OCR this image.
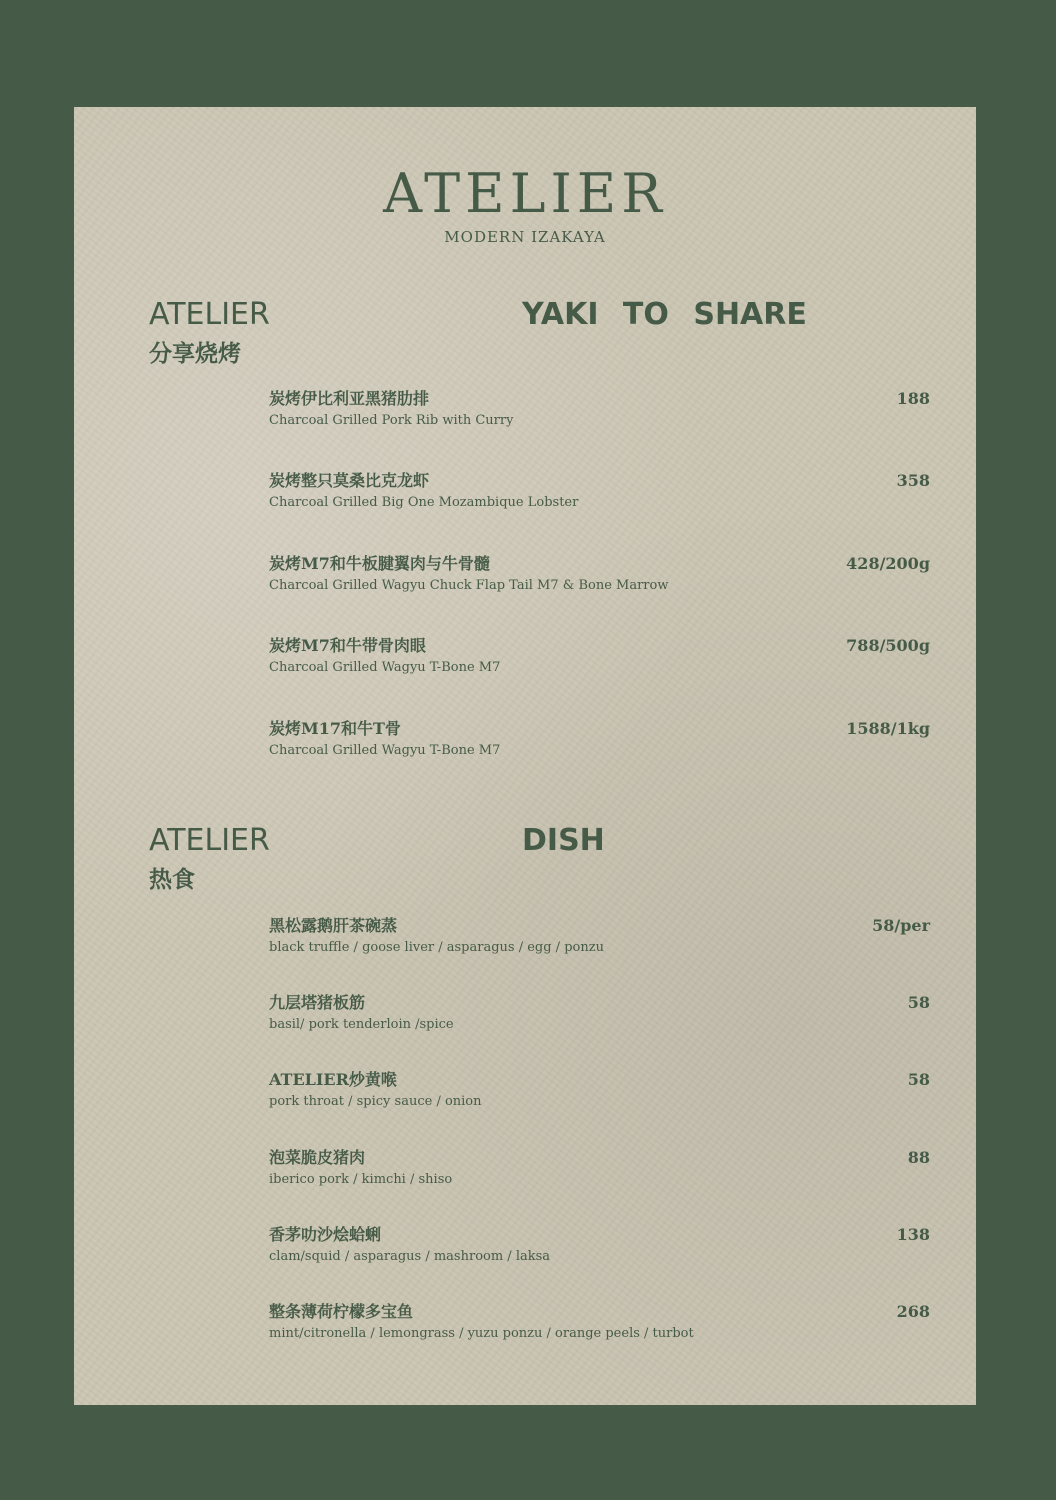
ATELIER
MODERN IZAKAYA
ATELIER	YAKI TO SHARE
分享烧烤
炭烤伊比利亚黑猪肋排
Charcoal Grilled Pork Rib with Curry
188
炭烤整只莫桑比克龙虾
Charcoal Grilled Big One Mozambique Lobster
358
炭烤M7和牛板腱翼肉与牛骨髓
Charcoal Grilled Wagyu Chuck Flap Tail M7 & Bone Marrow
428/200g
炭烤M7和牛带骨肉眼
Charcoal Grilled Wagyu T-Bone M7
788/500g
炭烤M17和牛T骨
Charcoal Grilled Wagyu T-Bone M7
1588/1kg
ATELIER	DISH
热食
黑松露鹅肝茶碗蒸
black truffle / goose liver / asparagus / egg / ponzu
58/per
九层塔猪板筋
basil/ pork tenderloin /spice
58
ATELIER炒黄喉
pork throat / spicy sauce / onion
58
泡菜脆皮猪肉
iberico pork / kimchi / shiso
88
香茅叻沙烩蛤蜊
clam/squid / asparagus / mashroom / laksa
138
整条薄荷柠檬多宝鱼
mint/citronella / lemongrass / yuzu ponzu / orange peels / turbot
268
